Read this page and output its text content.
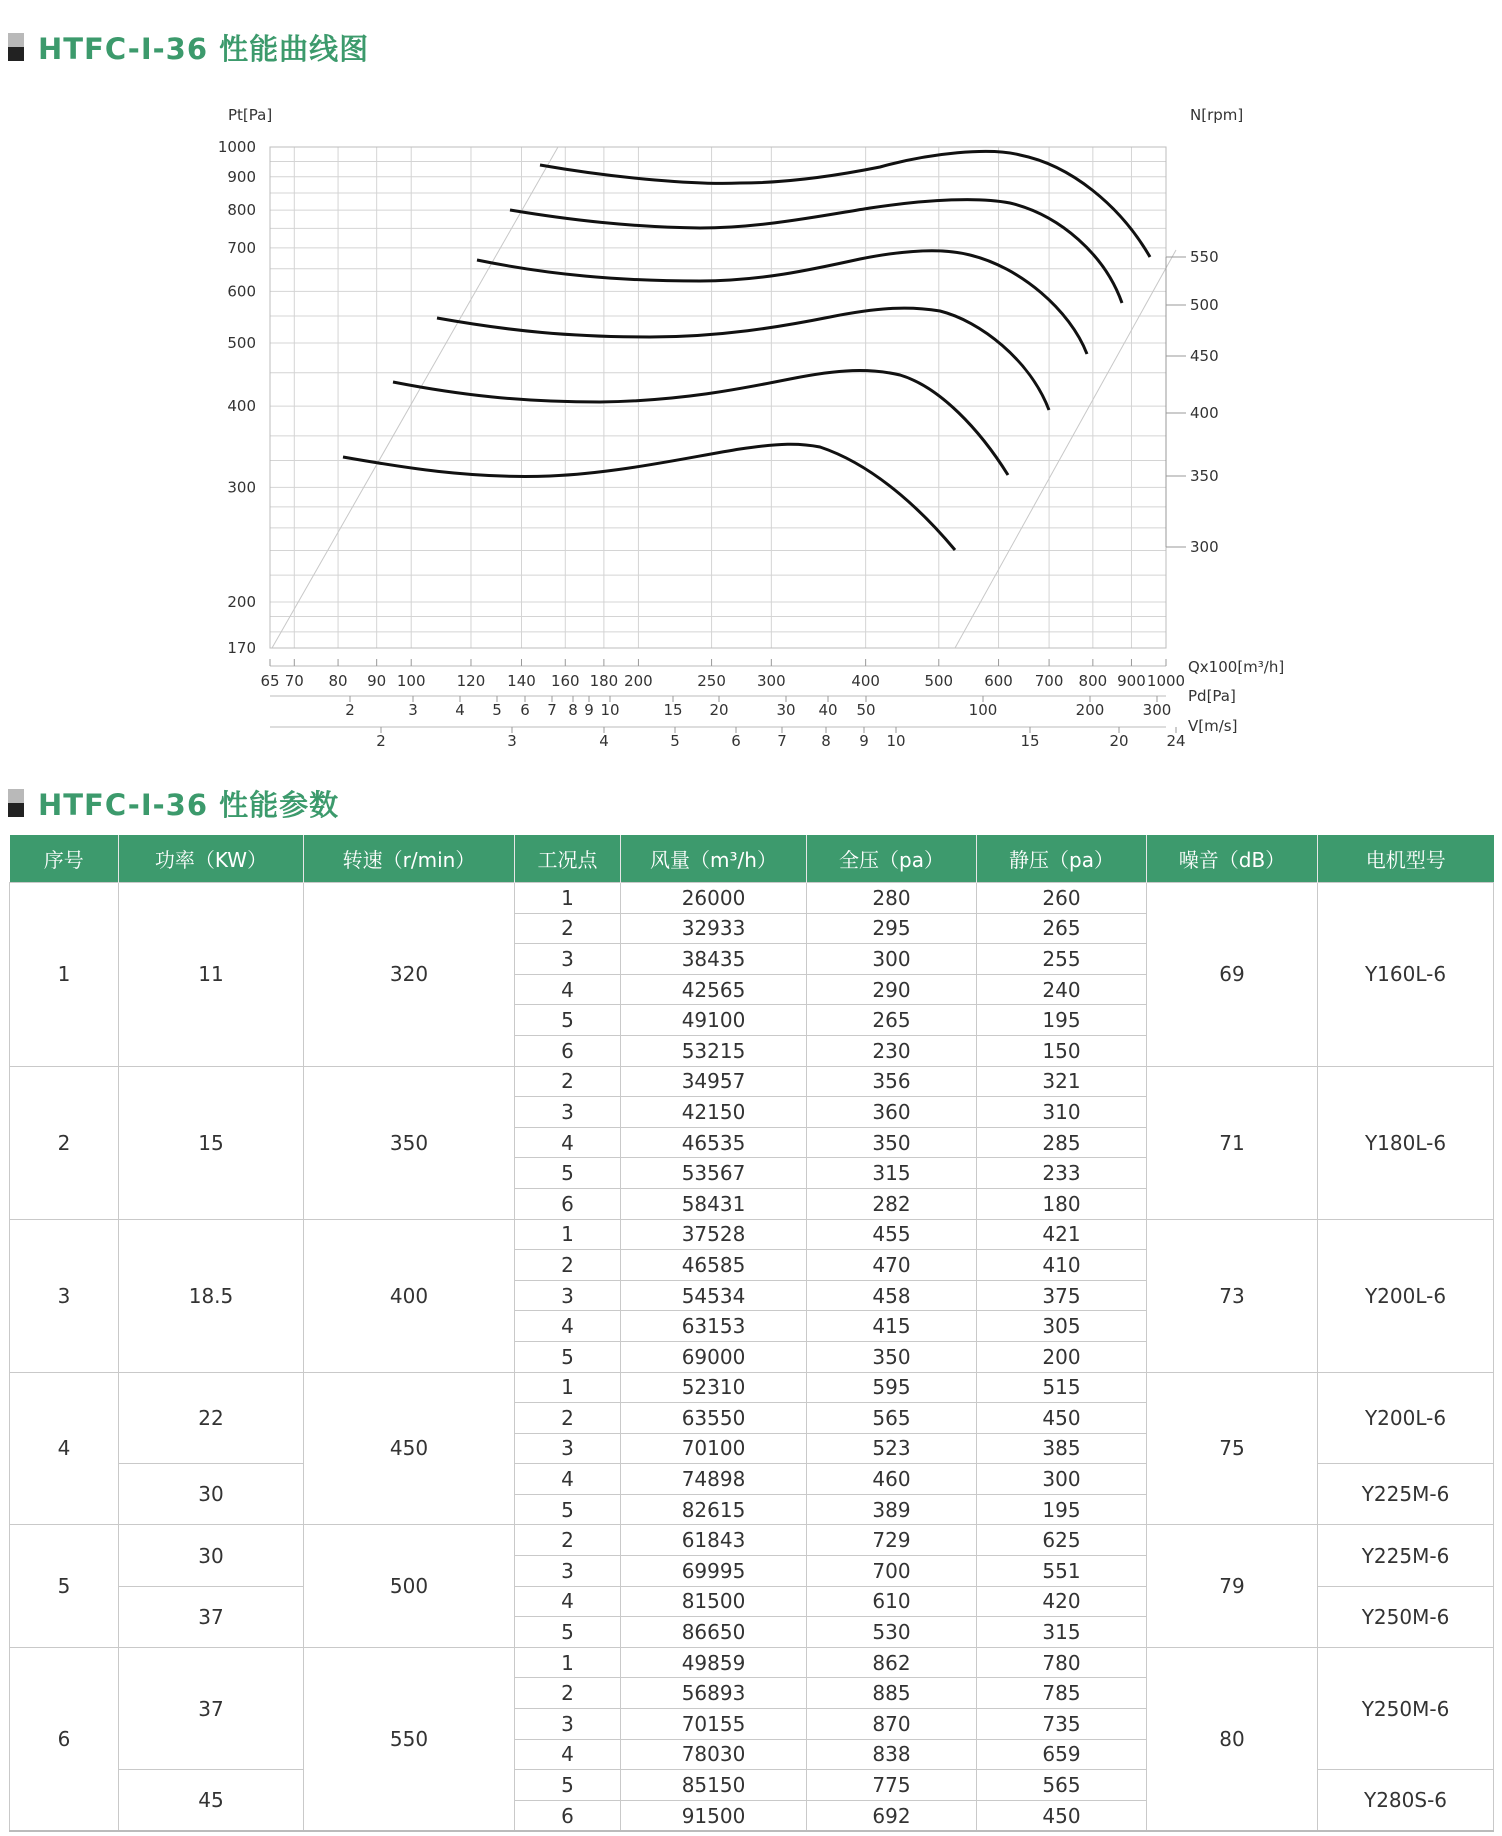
HTFC-I-36 性能曲线图
Pt[Pa]
1000
900
800
700
600
500
400
300
200
170
N[rpm]
550
500
450
400
350
300
65 70 80 90 100 120 140 160 180 200	250 300	400	500 600 700 800 900 1000
Qx100[m³/h]
2	3 4 5 6 7 8 9 10	15 20	30 40 50	100	200	300
Pd[Pa]
2	3	4	5	6 7 8 9 10	15	20	24
V[m/s]
HTFC-I-36 性能参数
序号	功率（KW）	转速（r/min）	工况点	风量（m³/h）	全压（pa）	静压（pa）	噪音（dB）	电机型号
1	11	320	1	26000	280	260	69	Y160L-6
			2	32933	295	265		
			3	38435	300	255		
			4	42565	290	240		
			5	49100	265	195		
			6	53215	230	150		
2	15	350	2	34957	356	321	71	Y180L-6
			3	42150	360	310		
			4	46535	350	285		
			5	53567	315	233		
			6	58431	282	180		
3	18.5	400	1	37528	455	421	73	Y200L-6
			2	46585	470	410		
			3	54534	458	375		
			4	63153	415	305		
			5	69000	350	200		
4	22	450	1	52310	595	515	75	Y200L-6
			2	63550	565	450		
			3	70100	523	385		
	30		4	74898	460	300		Y225M-6
			5	82615	389	195		
5	30	500	2	61843	729	625	79	Y225M-6
			3	69995	700	551		
	37		4	81500	610	420		Y250M-6
			5	86650	530	315		
6	37	550	1	49859	862	780	80	Y250M-6
			2	56893	885	785		
			3	70155	870	735		
			4	78030	838	659		
	45		5	85150	775	565		Y280S-6
			6	91500	692	450		
